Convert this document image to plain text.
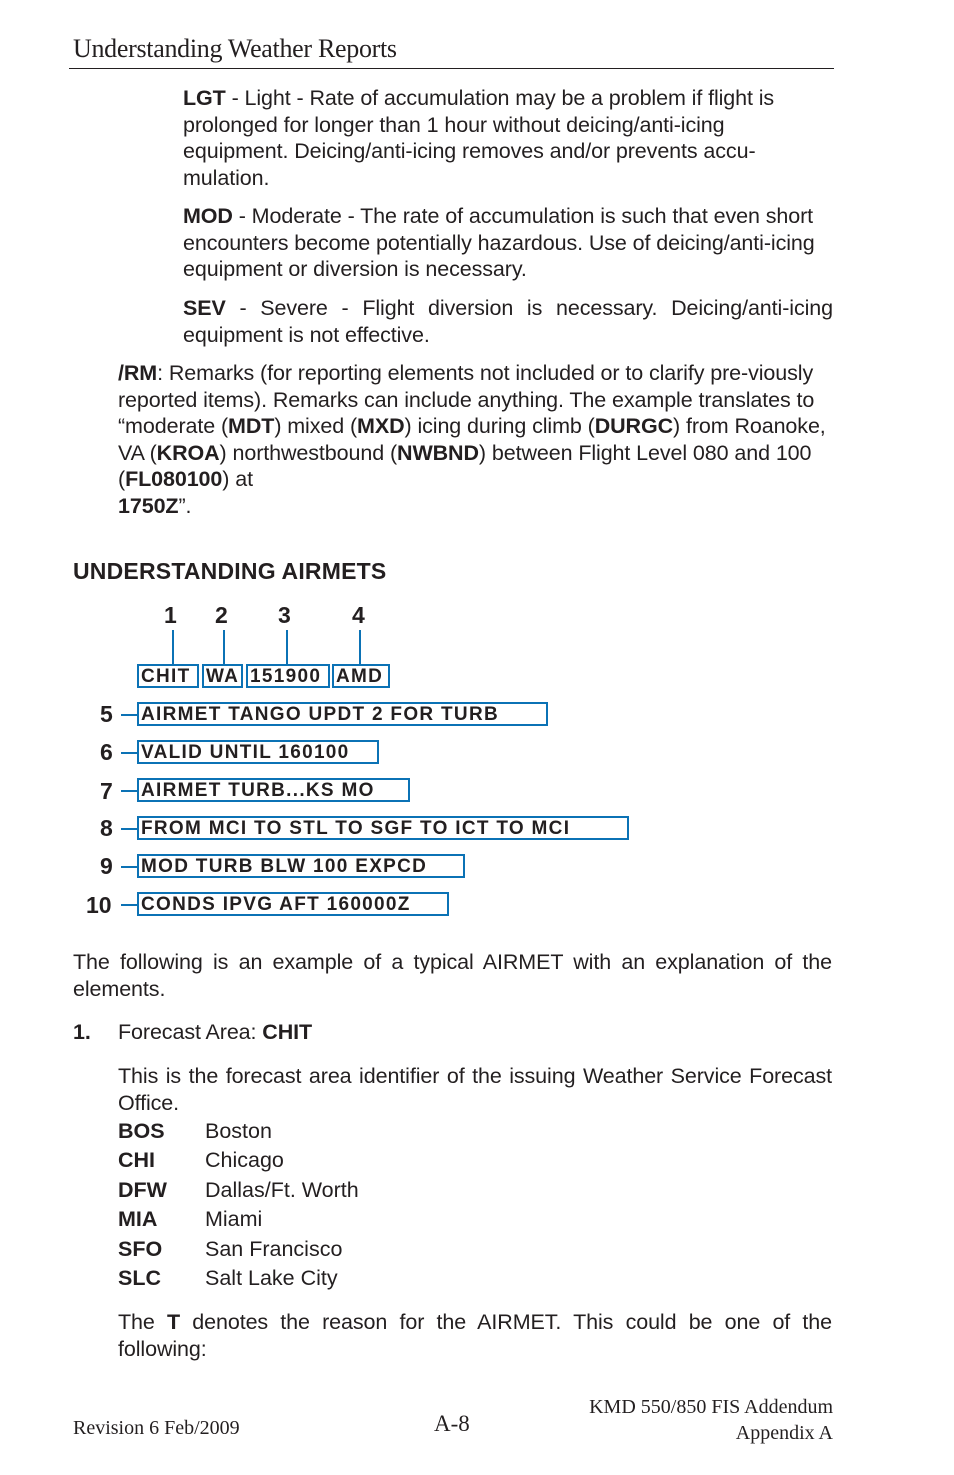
Understanding Weather Reports
LGT - Light - Rate of accumulation may be a problem if flight is prolonged for longer than 1 hour without deicing/anti-icing equipment. Deicing/anti-icing removes and/or prevents accu-mulation.
MOD - Moderate - The rate of accumulation is such that even short encounters become potentially hazardous. Use of deicing/anti-icing equipment or diversion is necessary.
SEV - Severe - Flight diversion is necessary. Deicing/anti-icing equipment is not effective.
/RM: Remarks (for reporting elements not included or to clarify pre-viously reported items). Remarks can include anything. The example translates to “moderate (MDT) mixed (MXD) icing during climb (DURGC) from Roanoke, VA (KROA) northwestbound (NWBND) between Flight Level 080 and 100 (FL080100) at
1750Z”.
UNDERSTANDING AIRMETS
1 2 3	4
CHIT WA 151900 AMD
5 AIRMET TANGO UPDT 2 FOR TURB
6 VALID UNTIL 160100
7 AIRMET TURB...KS MO
8 FROM MCI TO STL TO SGF TO ICT TO MCI
9 MOD TURB BLW 100 EXPCD
10 CONDS IPVG AFT 160000Z
The following is an example of a typical AIRMET with an explanation of the elements.
1. Forecast Area: CHIT
This is the forecast area identifier of the issuing Weather Service Forecast Office.
BOS	Boston
CHI	Chicago
DFW	Dallas/Ft. Worth
MIA	Miami
SFO	San Francisco
SLC	Salt Lake City
The T denotes the reason for the AIRMET. This could be one of the following:
Revision 6 Feb/2009	A-8
KMD 550/850 FIS Addendum
Appendix A
